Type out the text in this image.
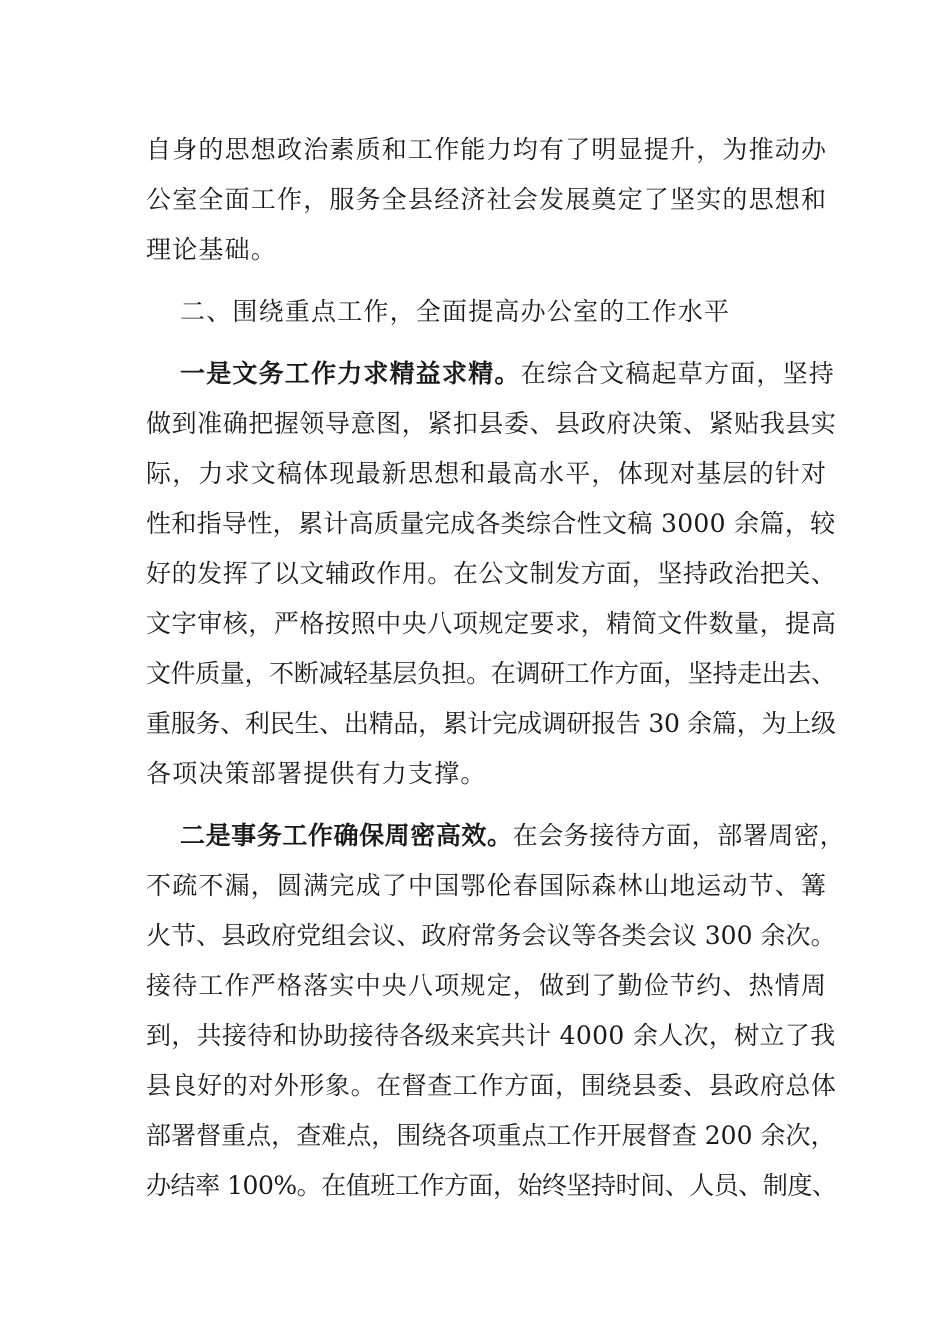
自身的思想政治素质和工作能力均有了明显提升，为推动办
公室全面工作，服务全县经济社会发展奠定了坚实的思想和
理论基础。
二、围绕重点工作，全面提高办公室的工作水平
一是文务工作力求精益求精。在综合文稿起草方面，坚持
做到准确把握领导意图，紧扣县委、县政府决策、紧贴我县实
际，力求文稿体现最新思想和最高水平，体现对基层的针对
性和指导性，累计高质量完成各类综合性文稿 3000 余篇，较
好的发挥了以文辅政作用。在公文制发方面，坚持政治把关、
文字审核，严格按照中央八项规定要求，精简文件数量，提高
文件质量，不断减轻基层负担。在调研工作方面，坚持走出去、
重服务、利民生、出精品，累计完成调研报告 30 余篇，为上级
各项决策部署提供有力支撑。
二是事务工作确保周密高效。在会务接待方面，部署周密，
不疏不漏，圆满完成了中国鄂伦春国际森林山地运动节、篝
火节、县政府党组会议、政府常务会议等各类会议 300 余次。
接待工作严格落实中央八项规定，做到了勤俭节约、热情周
到，共接待和协助接待各级来宾共计 4000 余人次，树立了我
县良好的对外形象。在督查工作方面，围绕县委、县政府总体
部署督重点，查难点，围绕各项重点工作开展督查 200 余次，
办结率 100%。在值班工作方面，始终坚持时间、人员、制度、
